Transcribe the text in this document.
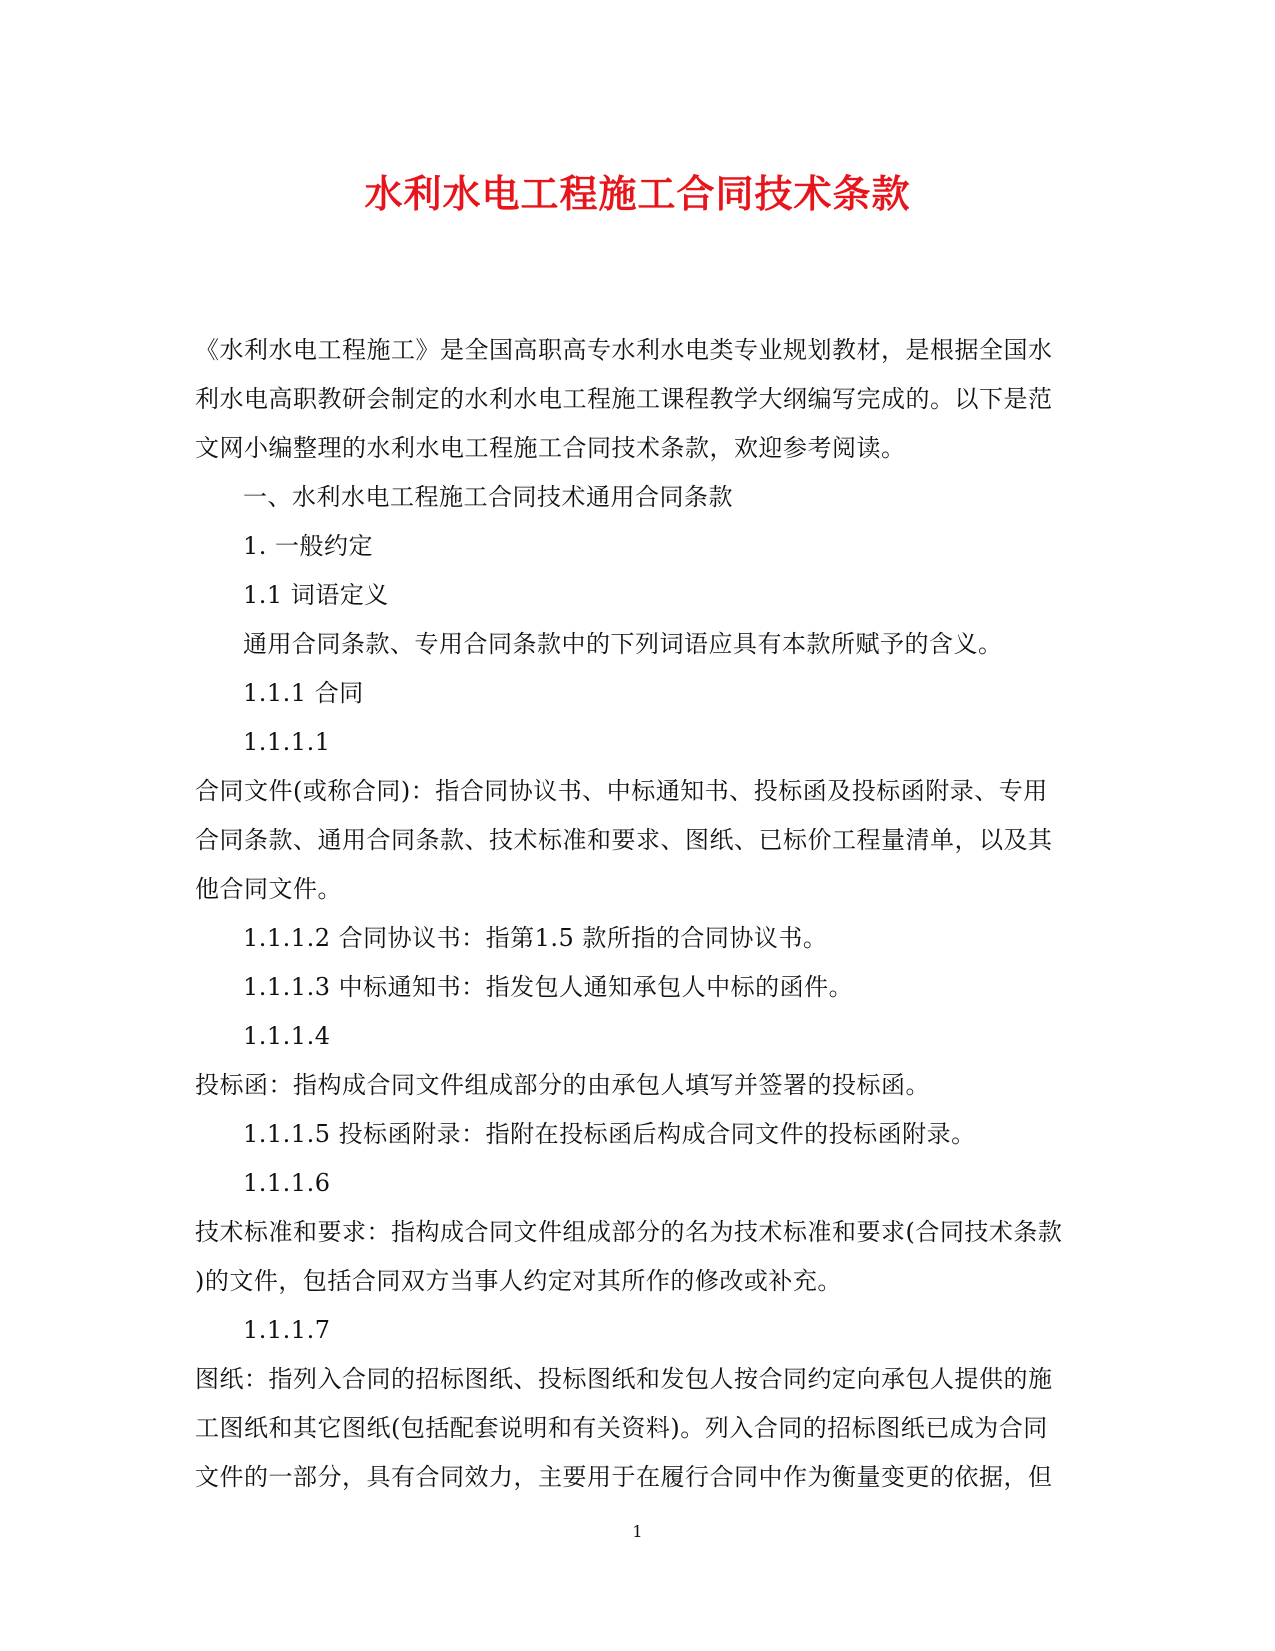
水利水电工程施工合同技术条款

《水利水电工程施工》是全国高职高专水利水电类专业规划教材，是根据全国水

利水电高职教研会制定的水利水电工程施工课程教学大纲编写完成的。以下是范

文网小编整理的水利水电工程施工合同技术条款，欢迎参考阅读。

一、水利水电工程施工合同技术通用合同条款

1. 一般约定

1.1 词语定义

通用合同条款、专用合同条款中的下列词语应具有本款所赋予的含义。

1.1.1 合同

1.1.1.1

合同文件(或称合同)：指合同协议书、中标通知书、投标函及投标函附录、专用

合同条款、通用合同条款、技术标准和要求、图纸、已标价工程量清单，以及其

他合同文件。

1.1.1.2 合同协议书：指第1.5 款所指的合同协议书。

1.1.1.3 中标通知书：指发包人通知承包人中标的函件。

1.1.1.4

投标函：指构成合同文件组成部分的由承包人填写并签署的投标函。

1.1.1.5 投标函附录：指附在投标函后构成合同文件的投标函附录。

1.1.1.6

技术标准和要求：指构成合同文件组成部分的名为技术标准和要求(合同技术条款

)的文件，包括合同双方当事人约定对其所作的修改或补充。

1.1.1.7

图纸：指列入合同的招标图纸、投标图纸和发包人按合同约定向承包人提供的施

工图纸和其它图纸(包括配套说明和有关资料)。列入合同的招标图纸已成为合同

文件的一部分，具有合同效力，主要用于在履行合同中作为衡量变更的依据，但

1
